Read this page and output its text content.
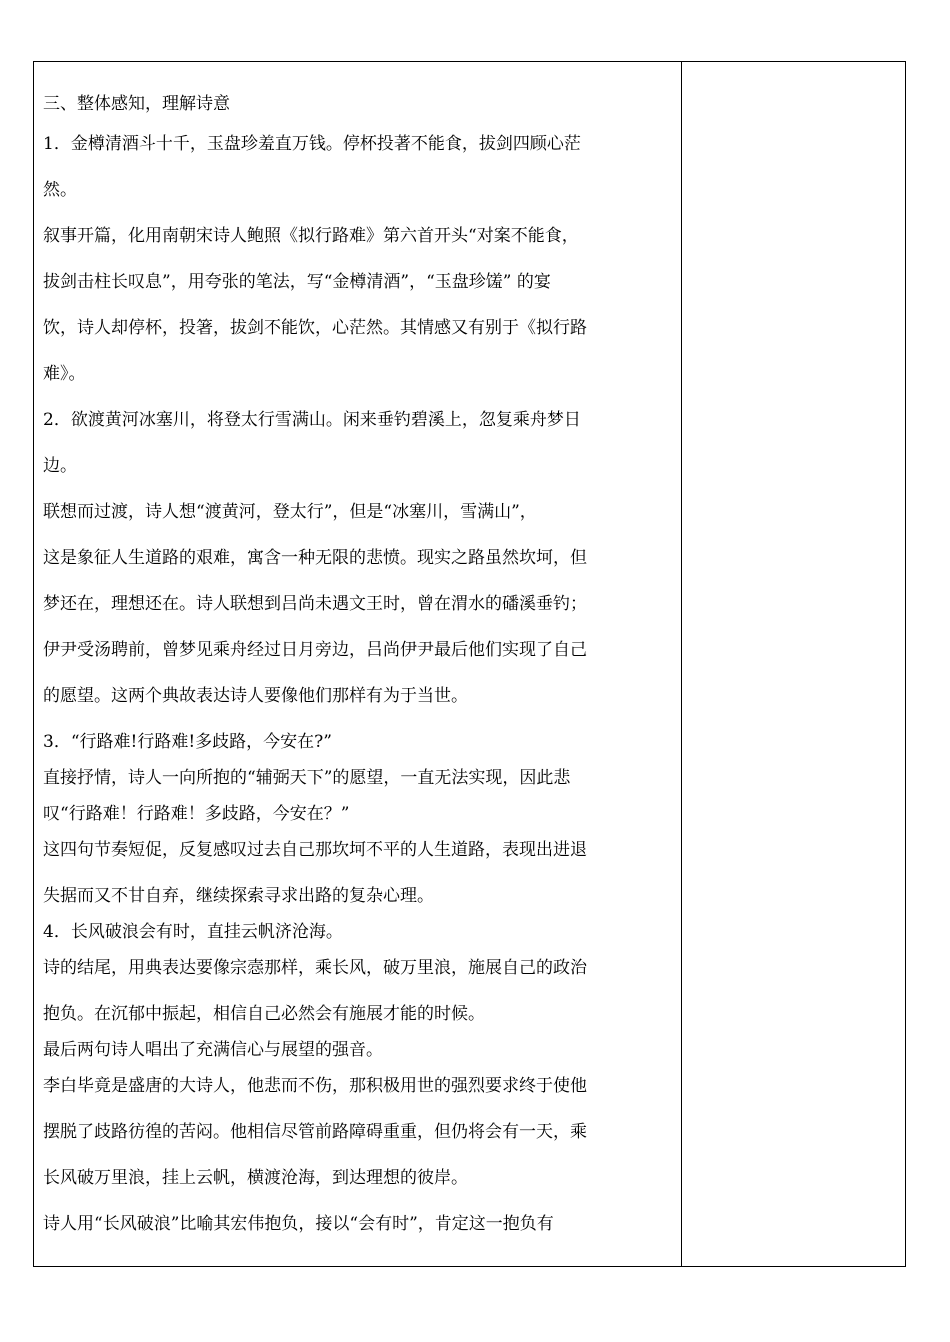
三、整体感知，理解诗意
1．金樽清酒斗十千，玉盘珍羞直万钱。停杯投著不能食，拔剑四顾心茫
然。
叙事开篇，化用南朝宋诗人鲍照《拟行路难》第六首开头“对案不能食，
拔剑击柱长叹息”，用夸张的笔法，写“金樽清酒”，“玉盘珍馐” 的宴
饮，诗人却停杯，投箸，拔剑不能饮，心茫然。其情感又有别于《拟行路
难》。
2．欲渡黄河冰塞川，将登太行雪满山。闲来垂钓碧溪上，忽复乘舟梦日
边。
联想而过渡，诗人想“渡黄河，登太行”，但是“冰塞川，雪满山”，
这是象征人生道路的艰难，寓含一种无限的悲愤。现实之路虽然坎坷，但
梦还在，理想还在。诗人联想到吕尚未遇文王时，曾在渭水的磻溪垂钓；
伊尹受汤聘前，曾梦见乘舟经过日月旁边，吕尚伊尹最后他们实现了自己
的愿望。这两个典故表达诗人要像他们那样有为于当世。
3．“行路难!行路难!多歧路，今安在?”
直接抒情，诗人一向所抱的“辅弼天下”的愿望，一直无法实现，因此悲
叹“行路难！行路难！多歧路，今安在？”
这四句节奏短促，反复感叹过去自己那坎坷不平的人生道路，表现出进退
失据而又不甘自弃，继续探索寻求出路的复杂心理。
4．长风破浪会有时，直挂云帆济沧海。
诗的结尾，用典表达要像宗悫那样，乘长风，破万里浪，施展自己的政治
抱负。在沉郁中振起，相信自己必然会有施展才能的时候。
最后两句诗人唱出了充满信心与展望的强音。
李白毕竟是盛唐的大诗人，他悲而不伤，那积极用世的强烈要求终于使他
摆脱了歧路彷徨的苦闷。他相信尽管前路障碍重重，但仍将会有一天，乘
长风破万里浪，挂上云帆，横渡沧海，到达理想的彼岸。
诗人用“长风破浪”比喻其宏伟抱负，接以“会有时”，肯定这一抱负有
